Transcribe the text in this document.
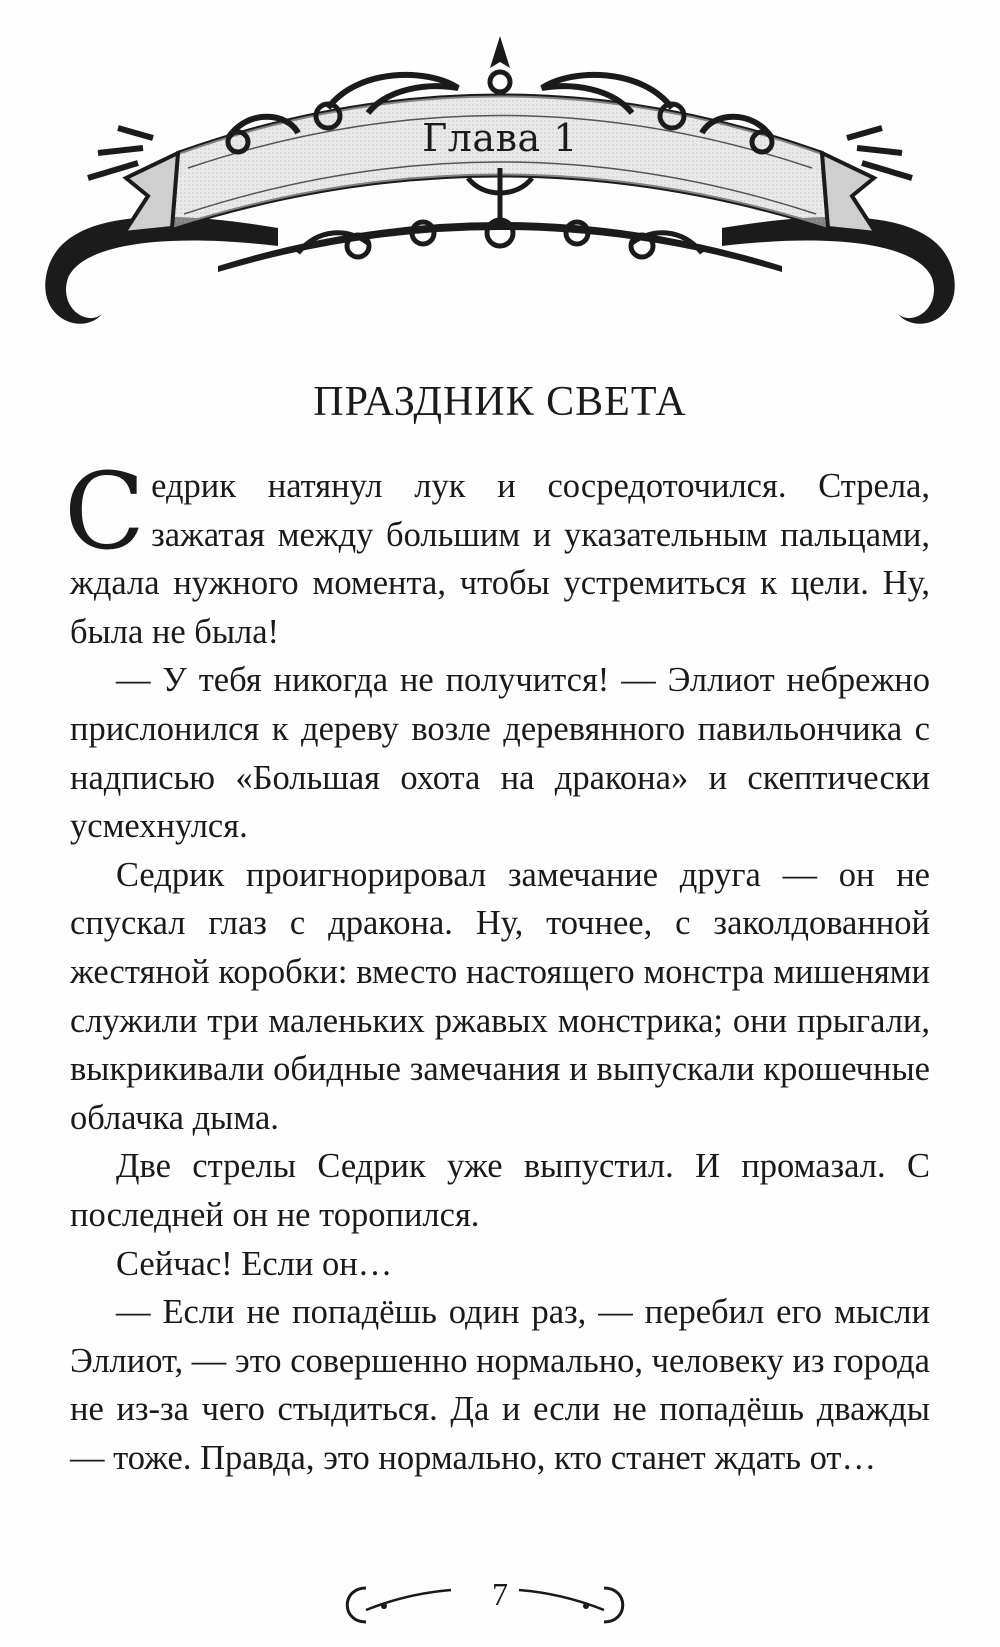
Глава 1
ПРАЗДНИК СВЕТА

Седрик натянул лук и сосредоточился. Стрела, зажатая между большим и указательным пальцами, ждала нужного момента, чтобы устремиться к цели. Ну, была не была!

— У тебя никогда не получится! — Эллиот небрежно прислонился к дереву возле деревянного павильончика с надписью «Большая охота на дракона» и скептически усмехнулся.

Седрик проигнорировал замечание друга — он не спускал глаз с дракона. Ну, точнее, с заколдованной жестяной коробки: вместо настоящего монстра мишенями служили три маленьких ржавых монстрика; они прыгали, выкрикивали обидные замечания и выпускали крошечные облачка дыма.

Две стрелы Седрик уже выпустил. И промазал. С последней он не торопился.

Сейчас! Если он…

— Если не попадёшь один раз, — перебил его мысли Эллиот, — это совершенно нормально, человеку из города не из-за чего стыдиться. Да и если не попадёшь дважды — тоже. Правда, это нормально, кто станет ждать от…

7
